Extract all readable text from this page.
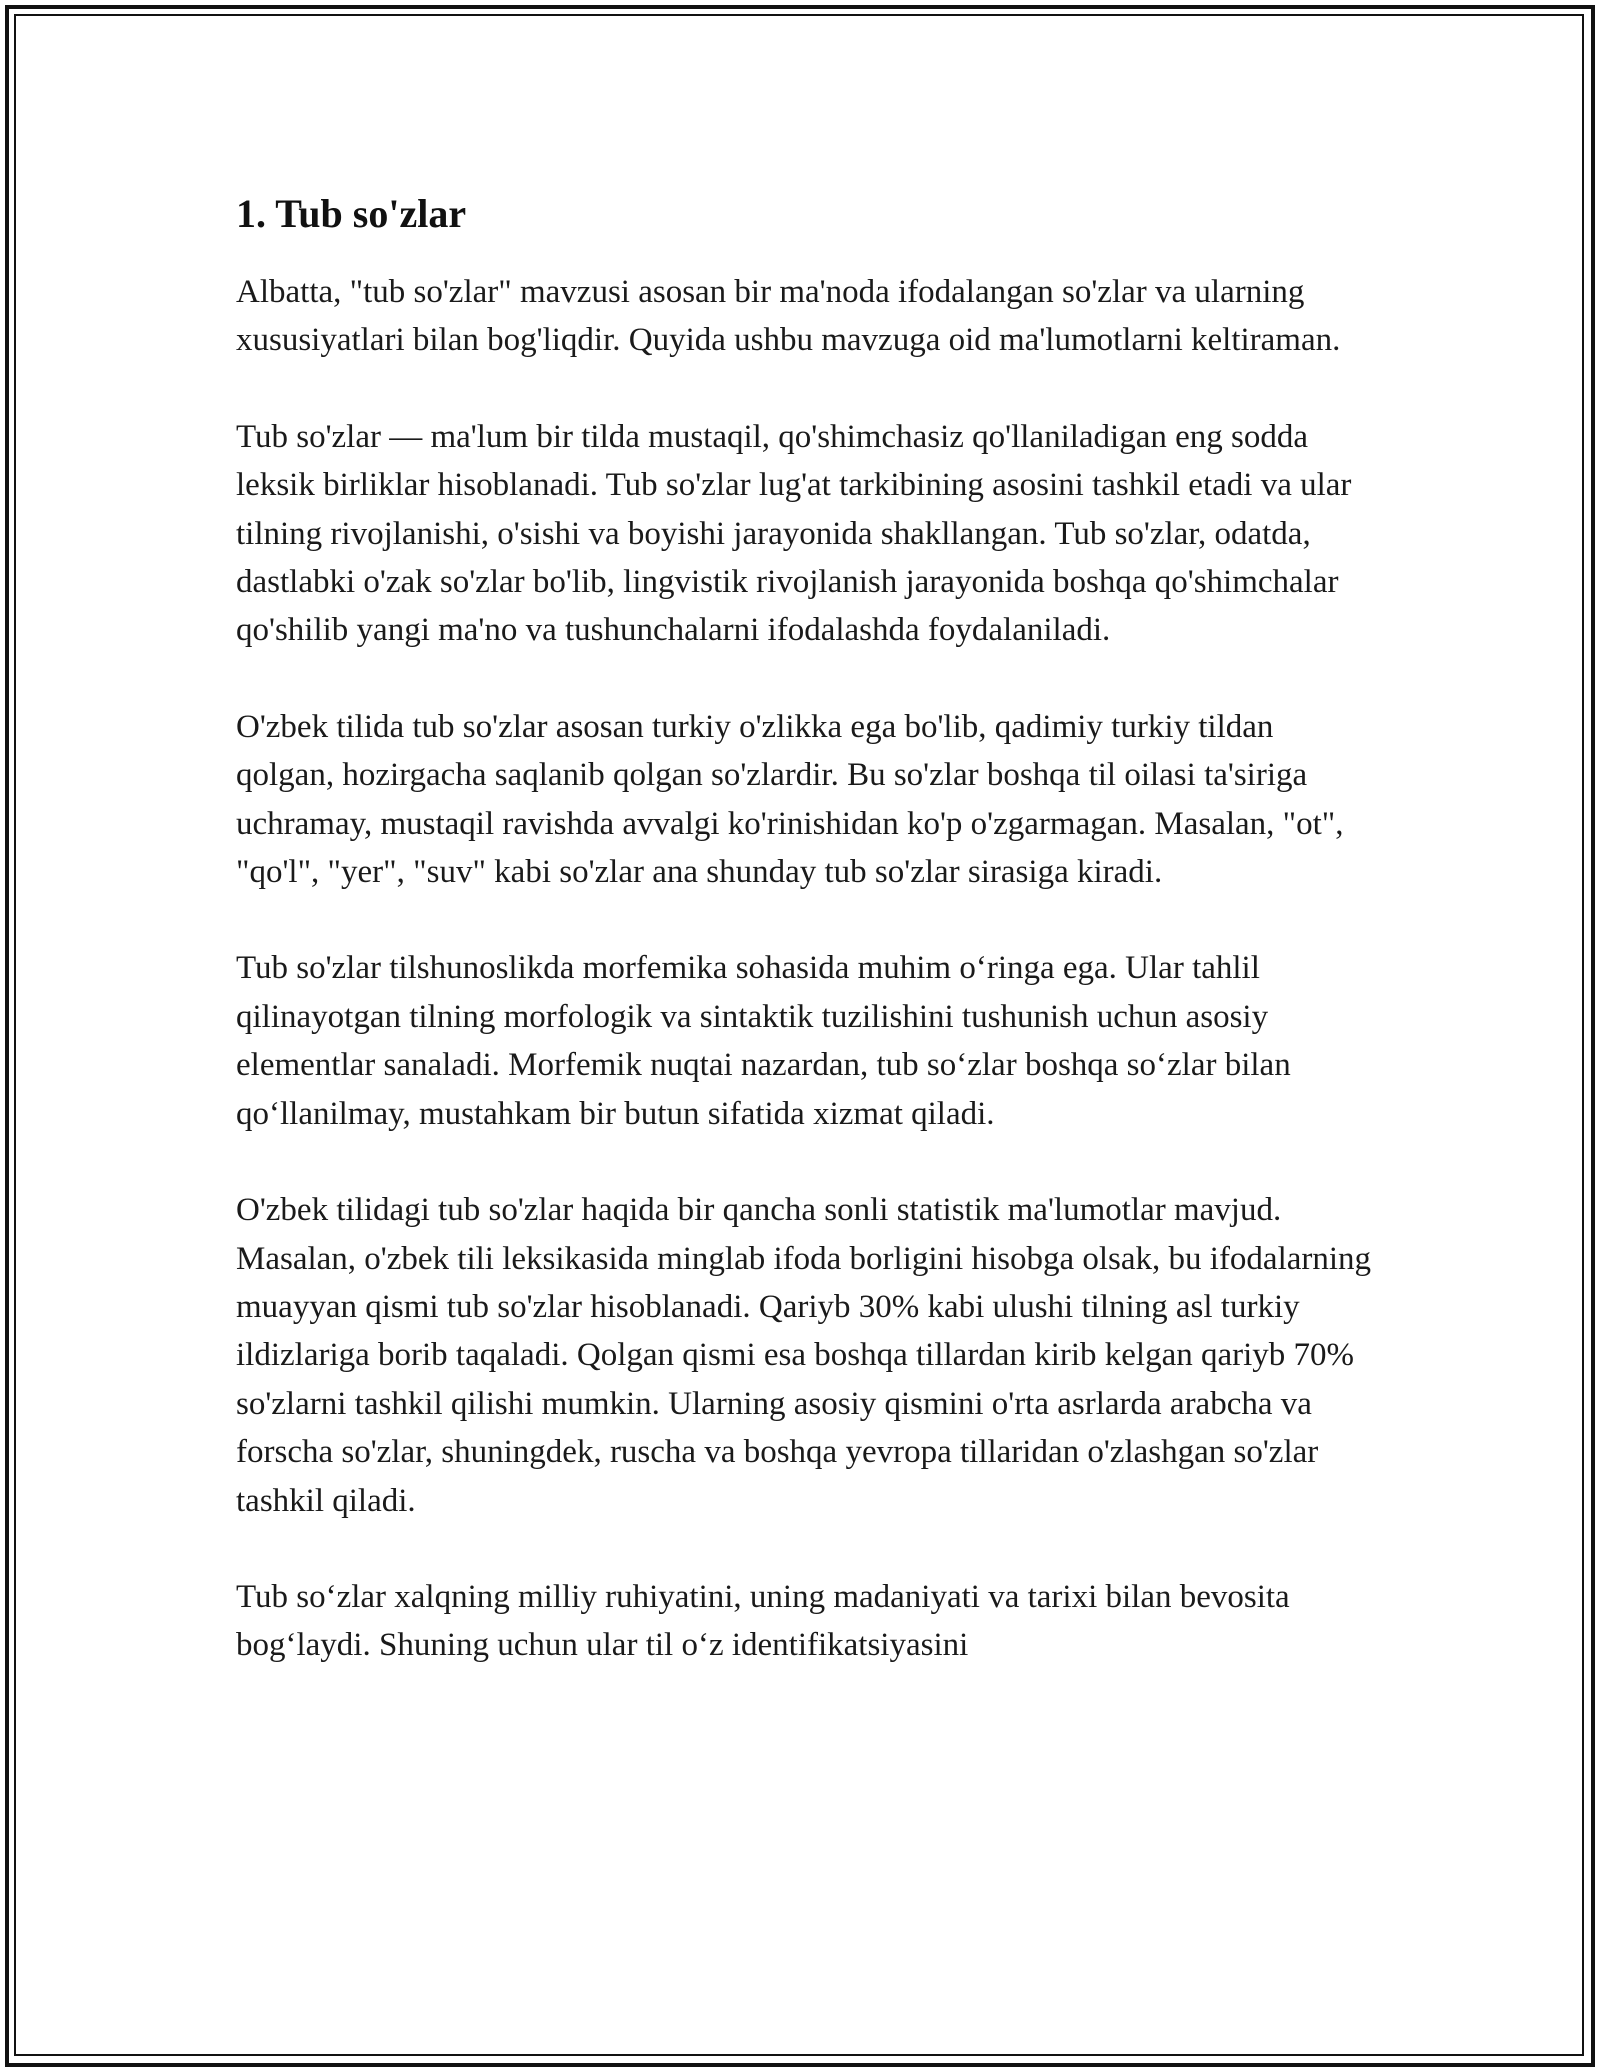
1. Tub so'zlar

Albatta, "tub so'zlar" mavzusi asosan bir ma'noda ifodalangan so'zlar va ularning xususiyatlari bilan bog'liqdir. Quyida ushbu mavzuga oid ma'lumotlarni keltiraman.

Tub so'zlar — ma'lum bir tilda mustaqil, qo'shimchasiz qo'llaniladigan eng sodda leksik birliklar hisoblanadi. Tub so'zlar lug'at tarkibining asosini tashkil etadi va ular tilning rivojlanishi, o'sishi va boyishi jarayonida shakllangan. Tub so'zlar, odatda, dastlabki o'zak so'zlar bo'lib, lingvistik rivojlanish jarayonida boshqa qo'shimchalar qo'shilib yangi ma'no va tushunchalarni ifodalashda foydalaniladi.

O'zbek tilida tub so'zlar asosan turkiy o'zlikka ega bo'lib, qadimiy turkiy tildan qolgan, hozirgacha saqlanib qolgan so'zlardir. Bu so'zlar boshqa til oilasi ta'siriga uchramay, mustaqil ravishda avvalgi ko'rinishidan ko'p o'zgarmagan. Masalan, "ot", "qo'l", "yer", "suv" kabi so'zlar ana shunday tub so'zlar sirasiga kiradi.

Tub so'zlar tilshunoslikda morfemika sohasida muhim o‘ringa ega. Ular tahlil qilinayotgan tilning morfologik va sintaktik tuzilishini tushunish uchun asosiy elementlar sanaladi. Morfemik nuqtai nazardan, tub so‘zlar boshqa so‘zlar bilan qo‘llanilmay, mustahkam bir butun sifatida xizmat qiladi.

O'zbek tilidagi tub so'zlar haqida bir qancha sonli statistik ma'lumotlar mavjud. Masalan, o'zbek tili leksikasida minglab ifoda borligini hisobga olsak, bu ifodalarning muayyan qismi tub so'zlar hisoblanadi. Qariyb 30% kabi ulushi tilning asl turkiy ildizlariga borib taqaladi. Qolgan qismi esa boshqa tillardan kirib kelgan qariyb 70% so'zlarni tashkil qilishi mumkin. Ularning asosiy qismini o'rta asrlarda arabcha va forscha so'zlar, shuningdek, ruscha va boshqa yevropa tillaridan o'zlashgan so'zlar tashkil qiladi.

Tub so‘zlar xalqning milliy ruhiyatini, uning madaniyati va tarixi bilan bevosita bog‘laydi. Shuning uchun ular til o‘z identifikatsiyasini
